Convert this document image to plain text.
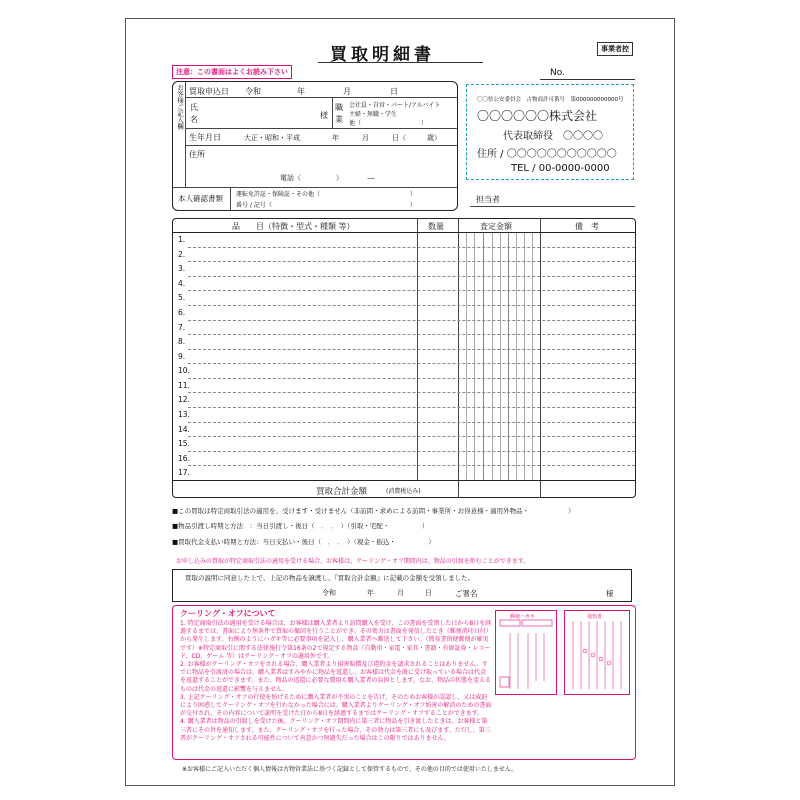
買取明細書	事業者控
No.
注意：この書面はよくお読み下さい
お客様ご記入欄 買取申込日 令和	年	月	日
氏
名	様
職
業
会社員・自営・パート/アルバイト
主婦・無職・学生
他（　　　　　　　　　　）
生年月日	大正・昭和・平成	年	月	日（　　　歳）
住所
電話（　　　　　）　　　　―
本人確認書類 運転免許証・保険証・その他（　　　　　　　　　　　　　　　）
番号 / 記号（　　　　　　　　　　　　　　　　　　　　　　　）
〇〇県公安委員会　古物商許可番号　第000000000000号
〇〇〇〇〇〇株式会社
代表取締役　〇〇〇〇
住所 / 〇〇〇〇〇〇〇〇〇〇〇
TEL / 00-0000-0000
担当者
品　　目（特徴・型式・種類 等）	数量	査定金額	備　考
1.
2.
3.
4.
5.
6.
7.
8.
9.
10.
11.
12.
13.
14.
15.
16.
17.
買取合計金額	(消費税込み)
■この買取は特定商取引法の適用を、受けます・受けません（非訪問・求めによる訪問・事業所・お得意様・適用外物品・　　　　　　）
■物品引渡し時期と方法　：当日引渡し・後日（　．　．　）（引取・宅配・　　　　　）
■買取代金支払い時期と方法：当日支払い・後日（　．　．　）（現金・振込・　　　　　）
お申し込みの買取が特定商取引法の適用を受ける場合、お客様は、クーリング・オフ期間内は、物品の引渡を拒むことができます。
買取の説明に同意した上で、上記の物品を譲渡し、『買取合計金額』に記載の金額を受領しました。
令和	年	月	日	ご署名	様
クーリング・オフについて
1. 特定商取引法の適用を受ける場合は、お客様は購入業者より訪問購入を受け、この書面を受領した日から8日を経過するまでは、書面により無条件で買取の撤回を行うことができ、その効力は書面を発信したとき（郵便消印日付）から発生します。右例のようにハガキ等に必要事項を記入し、購入業者へ郵送して下さい。（簡易書留便郵便が確実です）※特定商取引に関する法律施行令第16条の2で規定する物品（自動車・家電・家具・書籍・有価証券・レコード、CD、ゲーム 等）はクーリング・オフの適用外です。
2. お客様がクーリング・オフをされる場合、購入業者より損害賠償及び違約金を請求されることはありません。すでに物品を引渡済の場合は、購入業者はすみやかに物品を返還し、お客様は代金を既に受け取っている場合は代金を返還することができます。また、物品の返還に必要な費用も購入業者の負担とします。なお、物品の状態を変えるものは代金の返還に影響を与えません。
3. 上記クーリング・オフの行使を妨げるために購入業者が不実のことを告げ、そのためお客様が誤認し、又は威迫により困惑してクーリング・オフを行わなかった場合には、購入業者よりクーリング・オフ妨害の解消のための書面が交付され、その内容について説明を受けた日から8日を経過するまではクーリング・オフすることができます。
4. 購入業者は物品の引渡しを受けた後、クーリング・オフ期間内に第三者に物品を引き渡したときは、お客様と第三者にその旨を通知します。また、クーリング・オフを行った場合、その効力は第三者にも及びます。ただし、第三者がクーリング・オフされる可能性について善意かつ無過失だった場合はこの限りではありません。
郵便ハガキ	通知書
※お客様にご記入いただく個人情報は古物営業法に基づく記録として保管するもので、その他の目的では使用いたしません。
